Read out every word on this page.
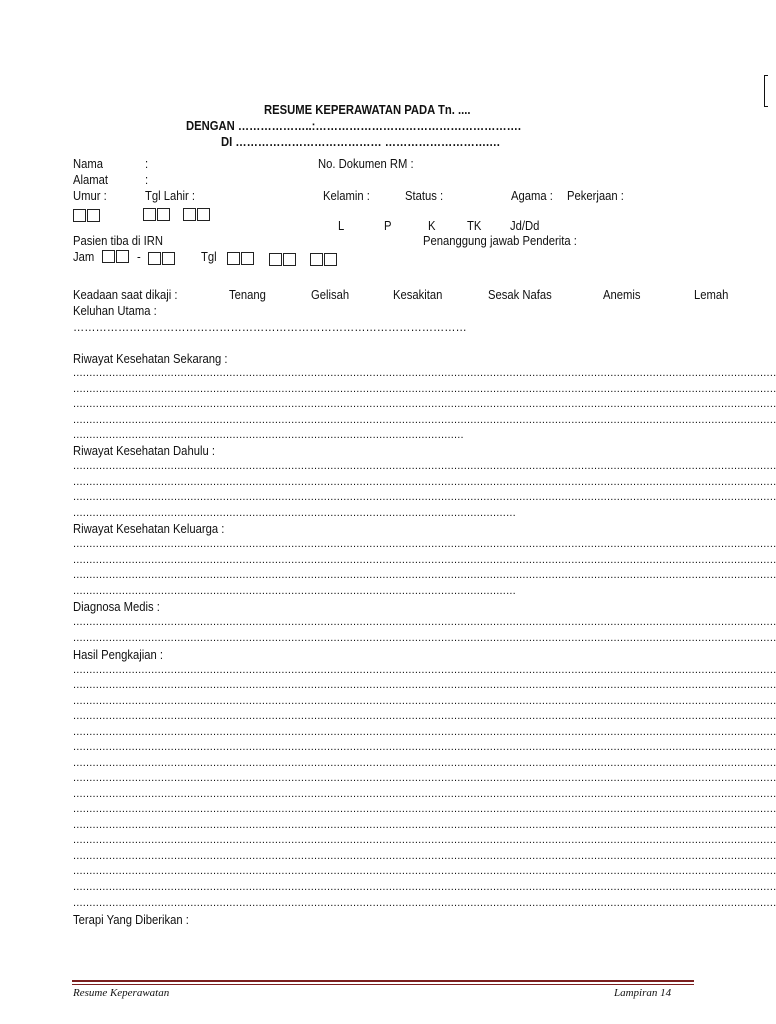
RESUME KEPERAWATAN PADA Tn. ....
DENGAN ………………..:……………………………………………….
DI ………………………………… ……………………….…
Nama	:	No. Dokumen RM :
Alamat	:
Umur :	Tgl Lahir :	Kelamin :	Status :	Agama : Pekerjaan :
L	P	K	TK Jd/Dd
Pasien tiba di IRN	Penanggung jawab Penderita :
Jam	-	Tgl
Keadaan saat dikaji :	Tenang	Gelisah	Kesakitan	Sesak Nafas	Anemis	Lemah
Keluhan Utama :
……………………………………………………………………………………………
Riwayat Kesehatan Sekarang :
........................................................................................................................................................................................................................
........................................................................................................................................................................................................................
........................................................................................................................................................................................................................
........................................................................................................................................................................................................................
........................................................................................................................
Riwayat Kesehatan Dahulu :
........................................................................................................................................................................................................................
........................................................................................................................................................................................................................
........................................................................................................................................................................................................................
........................................................................................................................................
Riwayat Kesehatan Keluarga :
........................................................................................................................................................................................................................
........................................................................................................................................................................................................................
........................................................................................................................................................................................................................
........................................................................................................................................
Diagnosa Medis :
........................................................................................................................................................................................................................
........................................................................................................................................................................................................................
Hasil Pengkajian :
........................................................................................................................................................................................................................
........................................................................................................................................................................................................................
........................................................................................................................................................................................................................
........................................................................................................................................................................................................................
........................................................................................................................................................................................................................
........................................................................................................................................................................................................................
........................................................................................................................................................................................................................
........................................................................................................................................................................................................................
........................................................................................................................................................................................................................
........................................................................................................................................................................................................................
........................................................................................................................................................................................................................
........................................................................................................................................................................................................................
........................................................................................................................................................................................................................
........................................................................................................................................................................................................................
........................................................................................................................................................................................................................
........................................................................................................................................................................................................................
Terapi Yang Diberikan :
Resume Keperawatan	Lampiran 14
